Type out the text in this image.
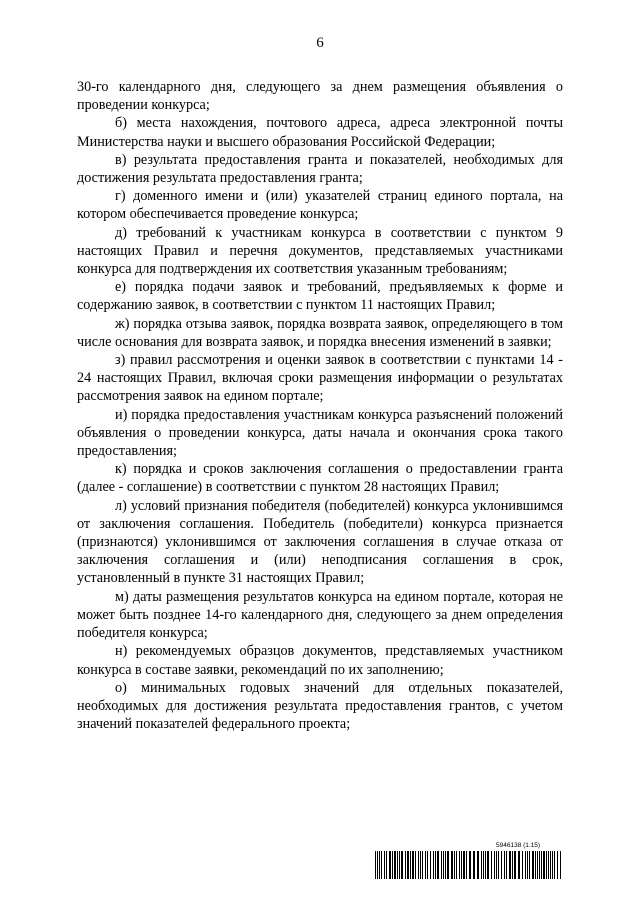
6

30-го календарного дня, следующего за днем размещения объявления о проведении конкурса;

б) места нахождения, почтового адреса, адреса электронной почты Министерства науки и высшего образования Российской Федерации;

в) результата предоставления гранта и показателей, необходимых для достижения результата предоставления гранта;

г) доменного имени и (или) указателей страниц единого портала, на котором обеспечивается проведение конкурса;

д) требований к участникам конкурса в соответствии с пунктом 9 настоящих Правил и перечня документов, представляемых участниками конкурса для подтверждения их соответствия указанным требованиям;

е) порядка подачи заявок и требований, предъявляемых к форме и содержанию заявок, в соответствии с пунктом 11 настоящих Правил;

ж) порядка отзыва заявок, порядка возврата заявок, определяющего в том числе основания для возврата заявок, и порядка внесения изменений в заявки;

з) правил рассмотрения и оценки заявок в соответствии с пунктами 14 - 24 настоящих Правил, включая сроки размещения информации о результатах рассмотрения заявок на едином портале;

и) порядка предоставления участникам конкурса разъяснений положений объявления о проведении конкурса, даты начала и окончания срока такого предоставления;

к) порядка и сроков заключения соглашения о предоставлении гранта (далее - соглашение) в соответствии с пунктом 28 настоящих Правил;

л) условий признания победителя (победителей) конкурса уклонившимся от заключения соглашения. Победитель (победители) конкурса признается (признаются) уклонившимся от заключения соглашения в случае отказа от заключения соглашения и (или) неподписания соглашения в срок, установленный в пункте 31 настоящих Правил;

м) даты размещения результатов конкурса на едином портале, которая не может быть позднее 14-го календарного дня, следующего за днем определения победителя конкурса;

н) рекомендуемых образцов документов, представляемых участником конкурса в составе заявки, рекомендаций по их заполнению;

о) минимальных годовых значений для отдельных показателей, необходимых для достижения результата предоставления грантов, с учетом значений показателей федерального проекта;

5946138 (1.15)
